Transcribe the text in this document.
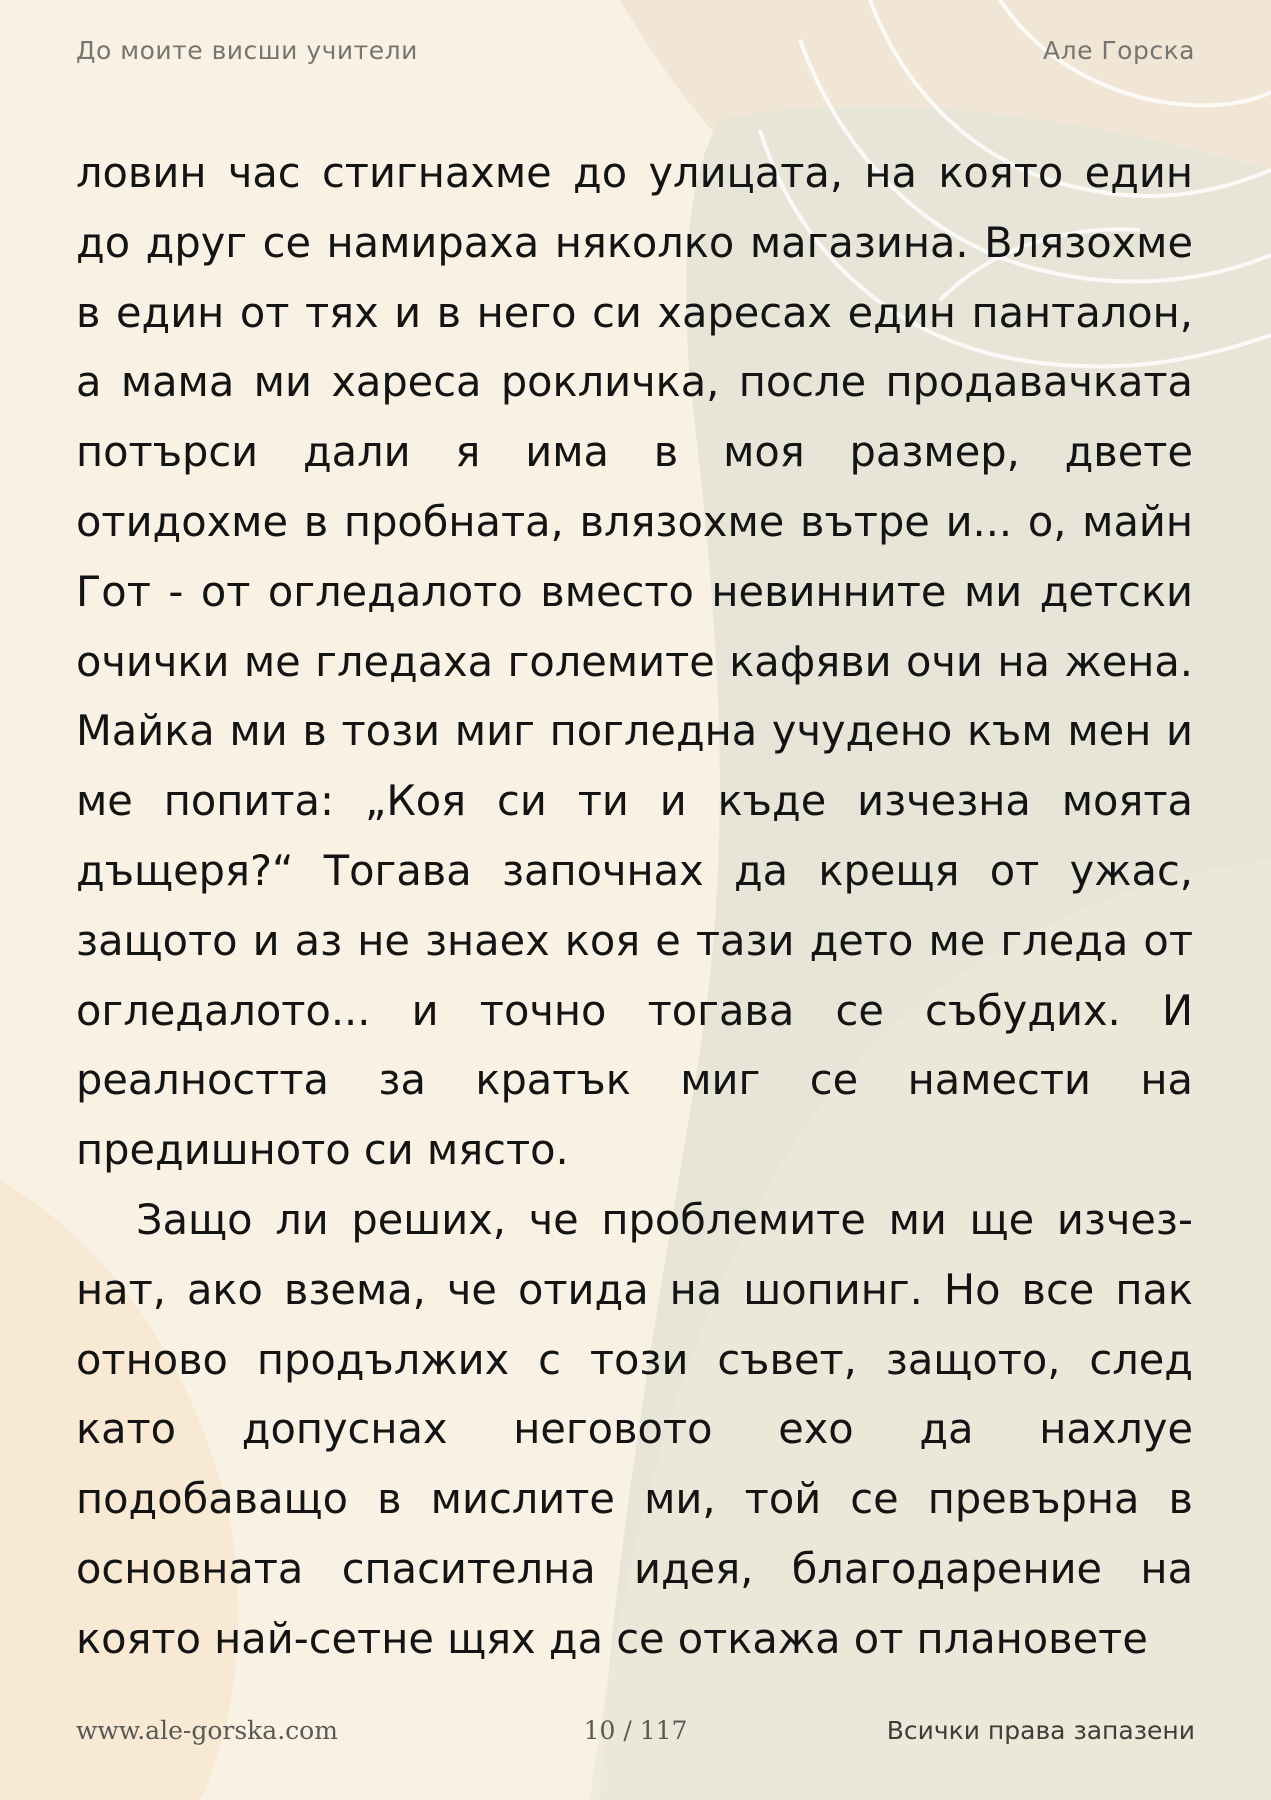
До моите висши учители	Але Горска

ловин час стигнахме до улицата, на която един до друг се намираха няколко магазина. Влязохме в един от тях и в него си харесах един панталон, а мама ми хареса рокличка, после продавачката потърси дали я има в моя размер, двете отидохме в пробната, влязохме вътре и... о, майн Гот - от огледалото вместо невинните ми детски очички ме гледаха големите кафяви очи на жена. Майка ми в този миг погледна учудено към мен и ме попита: „Коя си ти и къде изчезна моята дъщеря?“ Тогава започнах да крещя от ужас, защото и аз не знаех коя е тази дето ме гледа от огледалото... и точно тогава се събудих. И реалността за кратък миг се намести на предишното си място.

Защо ли реших, че проблемите ми ще изчезнат, ако взема, че отида на шопинг. Но все пак отново продължих с този съвет, защото, след като допуснах неговото ехо да нахлуе подобаващо в мислите ми, той се превърна в основната спасителна идея, благодарение на която най-сетне щях да се откажа от плановете

www.ale-gorska.com	10 / 117	Всички права запазени
